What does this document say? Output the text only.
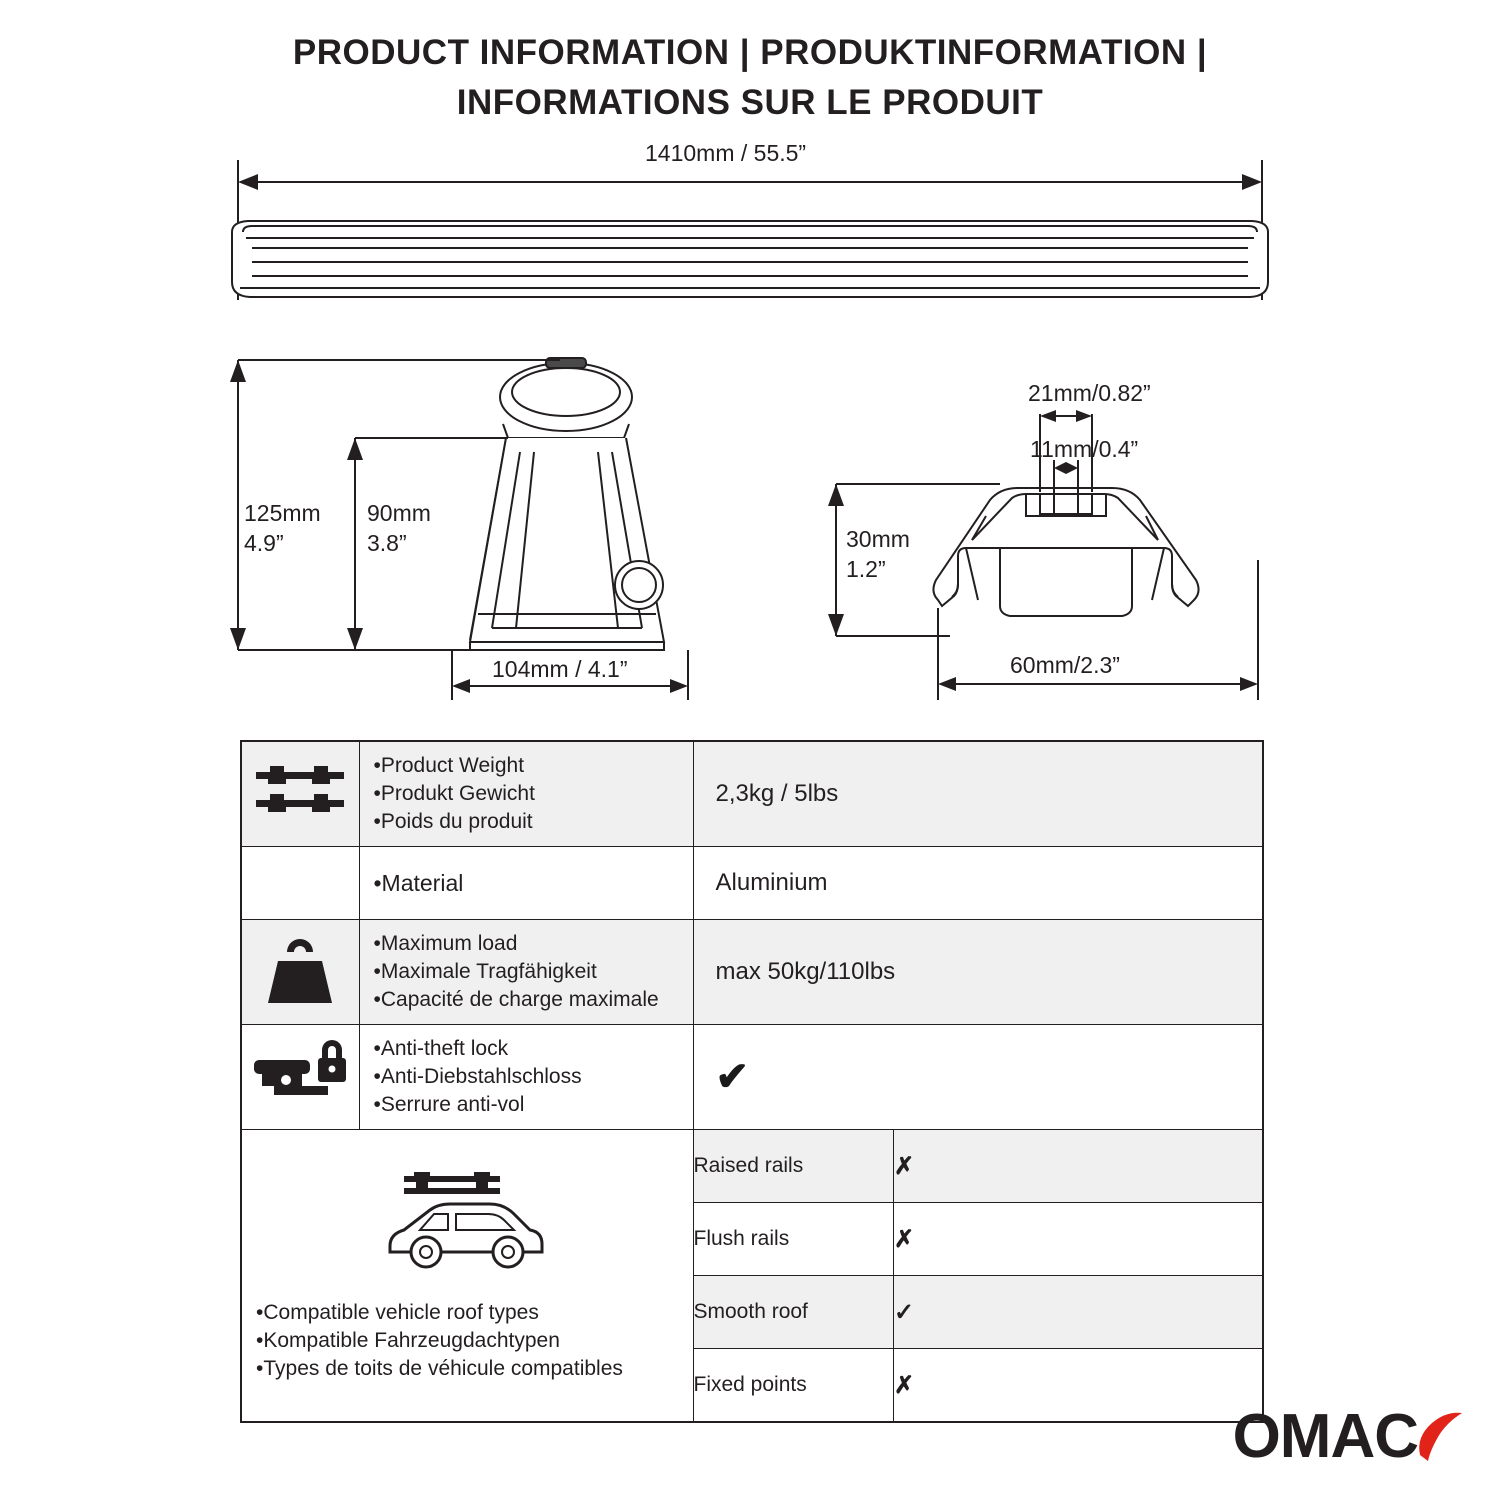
PRODUCT INFORMATION | PRODUKTINFORMATION |
INFORMATIONS SUR LE PRODUIT
1410mm / 55.5”
125mm
4.9”
90mm
3.8”
104mm / 4.1”
21mm/0.82”
11mm/0.4”
30mm
1.2”
60mm/2.3”

•Product Weight
•Produkt Gewicht
•Poids du produit

2,3kg / 5lbs

•Material	Aluminium

•Maximum load
•Maximale Tragfähigkeit
•Capacité de charge maximale

max 50kg/110lbs

•Anti-theft lock
•Anti-Diebstahlschloss
•Serrure anti-vol

✔

•Compatible vehicle roof types
•Kompatible Fahrzeugdachtypen
•Types de toits de véhicule compatibles

Raised rails	✗
Flush rails	✗
Smooth roof	✓
Fixed points	✗
OMAC
